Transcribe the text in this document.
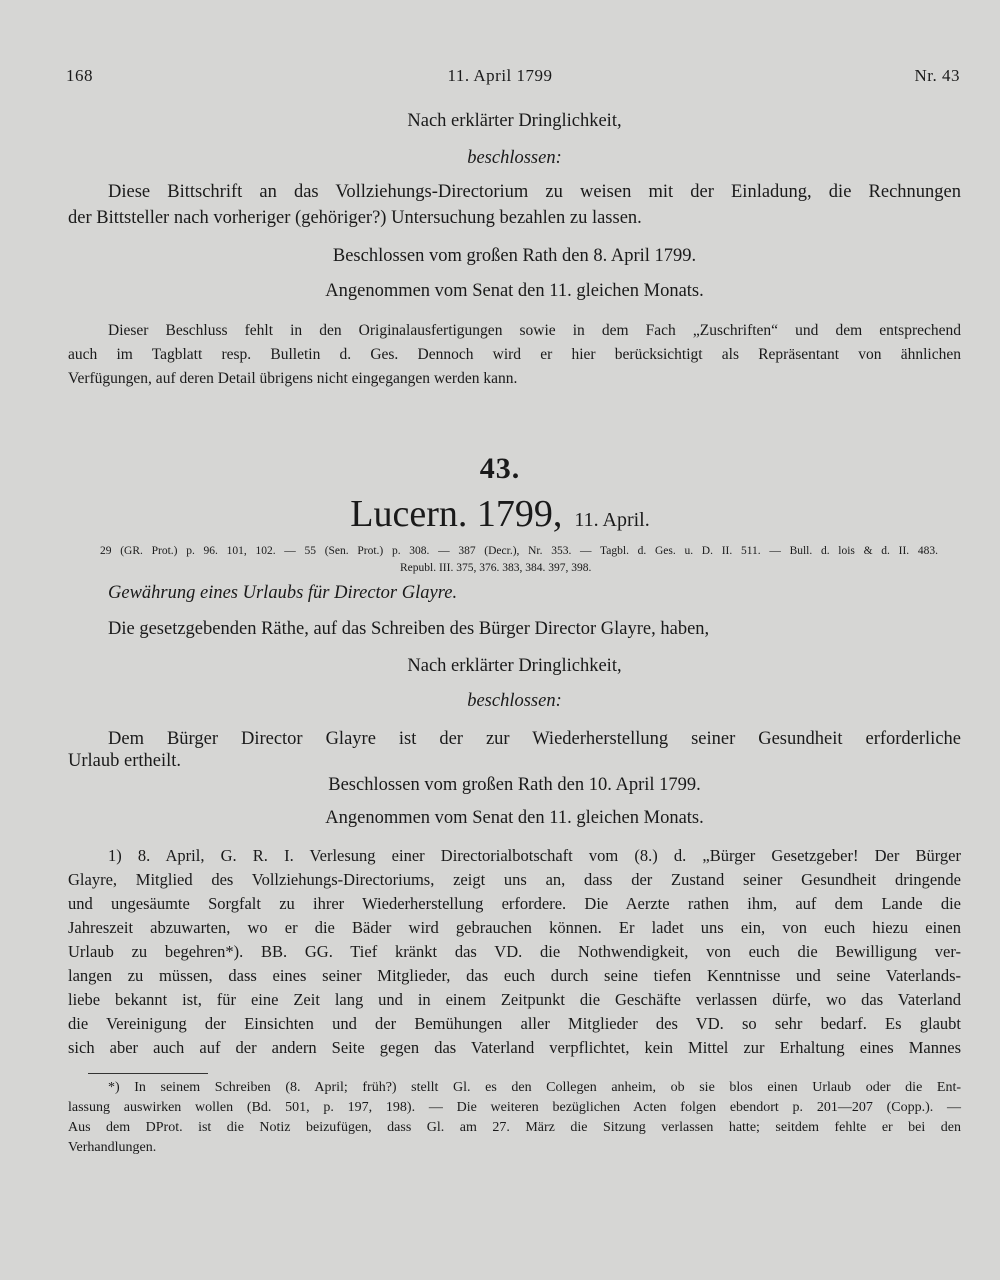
168	11. April 1799	Nr. 43
Nach erklärter Dringlichkeit,
beschlossen:
Diese Bittschrift an das Vollziehungs-Directorium zu weisen mit der Einladung, die Rechnungen
der Bittsteller nach vorheriger (gehöriger?) Untersuchung bezahlen zu lassen.
Beschlossen vom großen Rath den 8. April 1799.
Angenommen vom Senat den 11. gleichen Monats.
Dieser Beschluss fehlt in den Originalausfertigungen sowie in dem Fach „Zuschriften“ und dem entsprechend
auch im Tagblatt resp. Bulletin d. Ges. Dennoch wird er hier berücksichtigt als Repräsentant von ähnlichen
Verfügungen, auf deren Detail übrigens nicht eingegangen werden kann.
43.
Lucern. 1799, 11. April.
29 (GR. Prot.) p. 96. 101, 102. — 55 (Sen. Prot.) p. 308. — 387 (Decr.), Nr. 353. — Tagbl. d. Ges. u. D. II. 511. — Bull. d. lois & d. II. 483.
Republ. III. 375, 376. 383, 384. 397, 398.
Gewährung eines Urlaubs für Director Glayre.
Die gesetzgebenden Räthe, auf das Schreiben des Bürger Director Glayre, haben,
Nach erklärter Dringlichkeit,
beschlossen:
Dem Bürger Director Glayre ist der zur Wiederherstellung seiner Gesundheit erforderliche
Urlaub ertheilt.
Beschlossen vom großen Rath den 10. April 1799.
Angenommen vom Senat den 11. gleichen Monats.
1) 8. April, G. R. I. Verlesung einer Directorialbotschaft vom (8.) d. „Bürger Gesetzgeber! Der Bürger
Glayre, Mitglied des Vollziehungs-Directoriums, zeigt uns an, dass der Zustand seiner Gesundheit dringende
und ungesäumte Sorgfalt zu ihrer Wiederherstellung erfordere. Die Aerzte rathen ihm, auf dem Lande die
Jahreszeit abzuwarten, wo er die Bäder wird gebrauchen können. Er ladet uns ein, von euch hiezu einen
Urlaub zu begehren*). BB. GG. Tief kränkt das VD. die Nothwendigkeit, von euch die Bewilligung ver-
langen zu müssen, dass eines seiner Mitglieder, das euch durch seine tiefen Kenntnisse und seine Vaterlands-
liebe bekannt ist, für eine Zeit lang und in einem Zeitpunkt die Geschäfte verlassen dürfe, wo das Vaterland
die Vereinigung der Einsichten und der Bemühungen aller Mitglieder des VD. so sehr bedarf. Es glaubt
sich aber auch auf der andern Seite gegen das Vaterland verpflichtet, kein Mittel zur Erhaltung eines Mannes
*) In seinem Schreiben (8. April; früh?) stellt Gl. es den Collegen anheim, ob sie blos einen Urlaub oder die Ent-
lassung auswirken wollen (Bd. 501, p. 197, 198). — Die weiteren bezüglichen Acten folgen ebendort p. 201—207 (Copp.). —
Aus dem DProt. ist die Notiz beizufügen, dass Gl. am 27. März die Sitzung verlassen hatte; seitdem fehlte er bei den
Verhandlungen.
